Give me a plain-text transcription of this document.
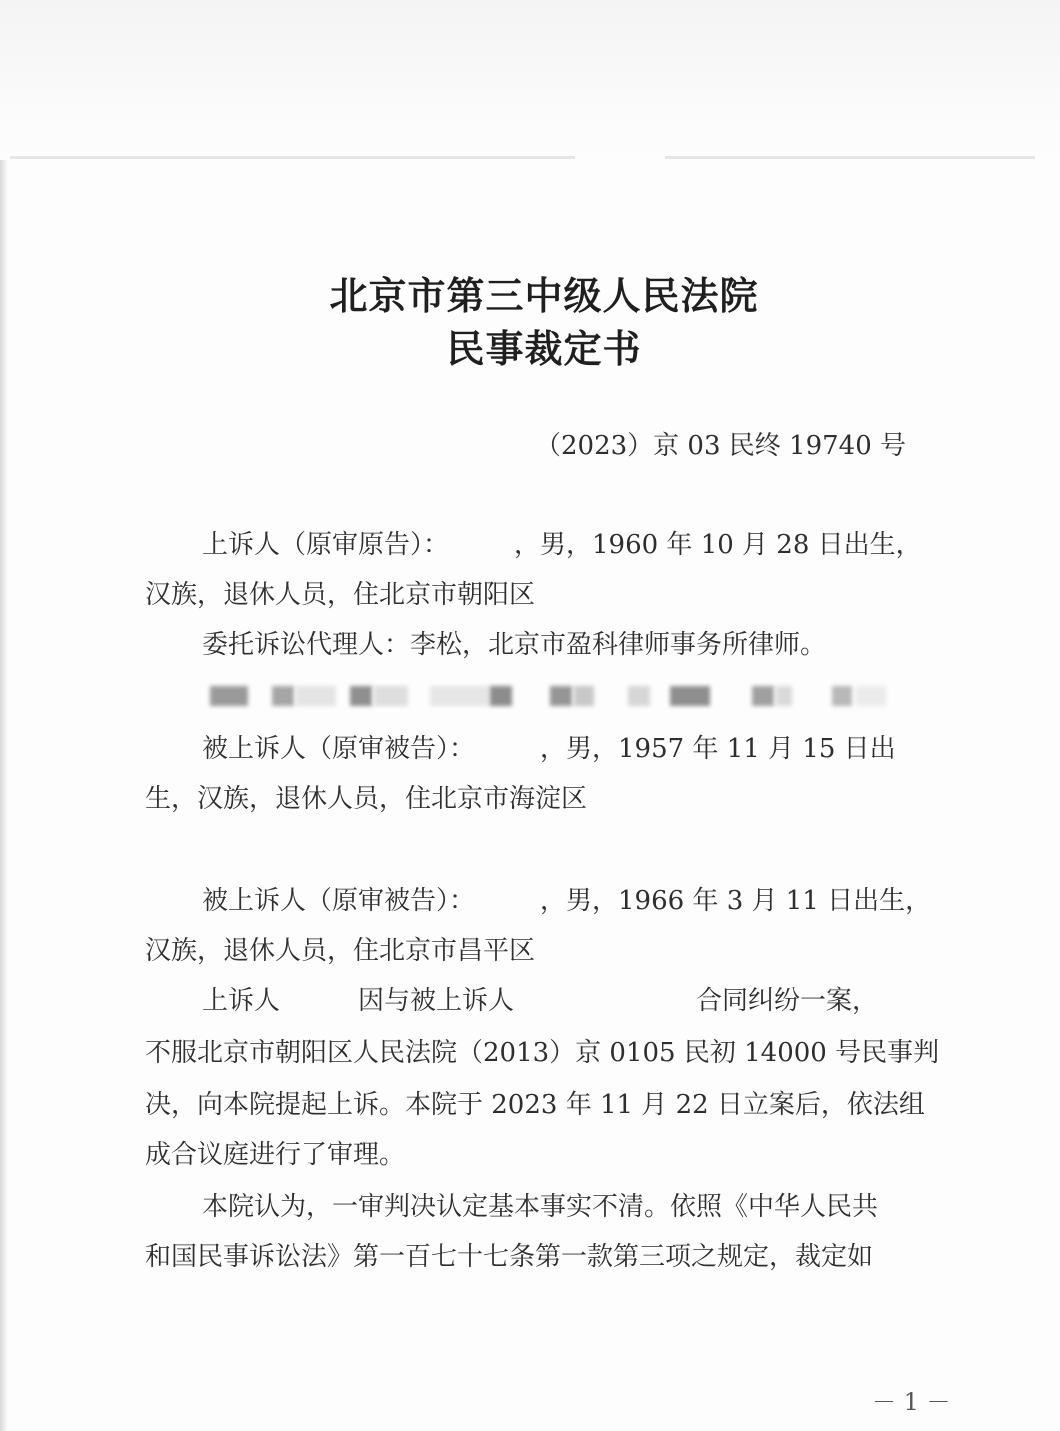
北京市第三中级人民法院
民事裁定书
（2023）京 03 民终 19740 号
上诉人（原审原告）：　　　，男，1960 年 10 月 28 日出生，
汉族，退休人员，住北京市朝阳区
委托诉讼代理人：李松，北京市盈科律师事务所律师。
被上诉人（原审被告）：　　　，男，1957 年 11 月 15 日出
生，汉族，退休人员，住北京市海淀区
被上诉人（原审被告）：　　　，男，1966 年 3 月 11 日出生，
汉族，退休人员，住北京市昌平区
上诉人　　　因与被上诉人　　　　　　　合同纠纷一案，
不服北京市朝阳区人民法院（2013）京 0105 民初 14000 号民事判
决，向本院提起上诉。本院于 2023 年 11 月 22 日立案后，依法组
成合议庭进行了审理。
本院认为，一审判决认定基本事实不清。依照《中华人民共
和国民事诉讼法》第一百七十七条第一款第三项之规定，裁定如
－ 1 －
